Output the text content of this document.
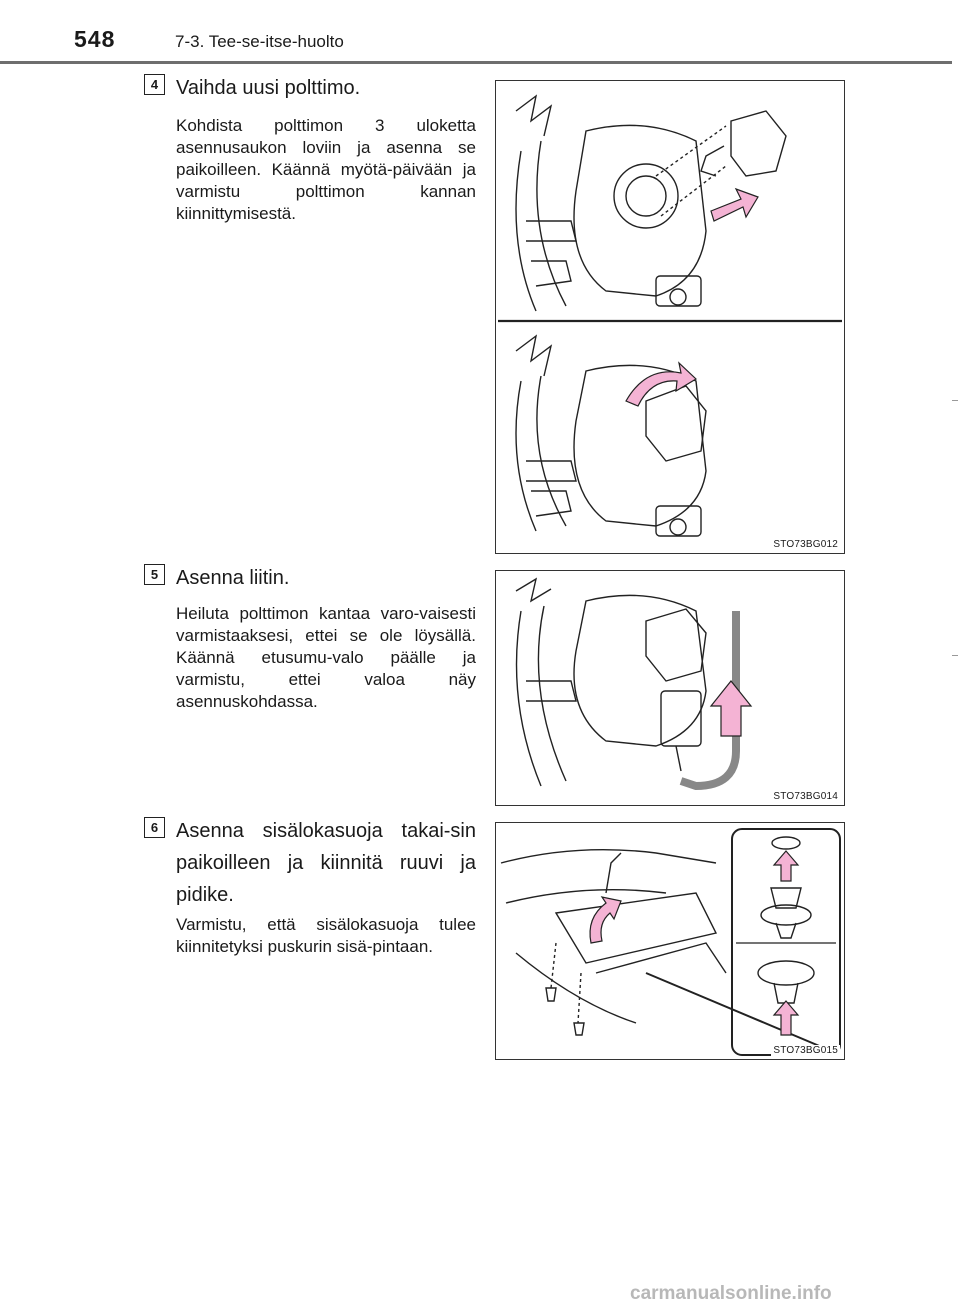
548	7-3. Tee-se-itse-huolto
4 Vaihda uusi polttimo.
Kohdista polttimon 3 uloketta asennusaukon loviin ja asenna se paikoilleen. Käännä myötä-päivään ja varmistu polttimon kannan kiinnittymisestä.
STO73BG012
5 Asenna liitin.
Heiluta polttimon kantaa varo-vaisesti varmistaaksesi, ettei se ole löysällä. Käännä etusumu-valo päälle ja varmistu, ettei valoa näy asennuskohdassa.
STO73BG014
6 Asenna sisälokasuoja takai-sin paikoilleen ja kiinnitä ruuvi ja pidike.
Varmistu, että sisälokasuoja tulee kiinnitetyksi puskurin sisä-pintaan.
STO73BG015
carmanualsonline.info
